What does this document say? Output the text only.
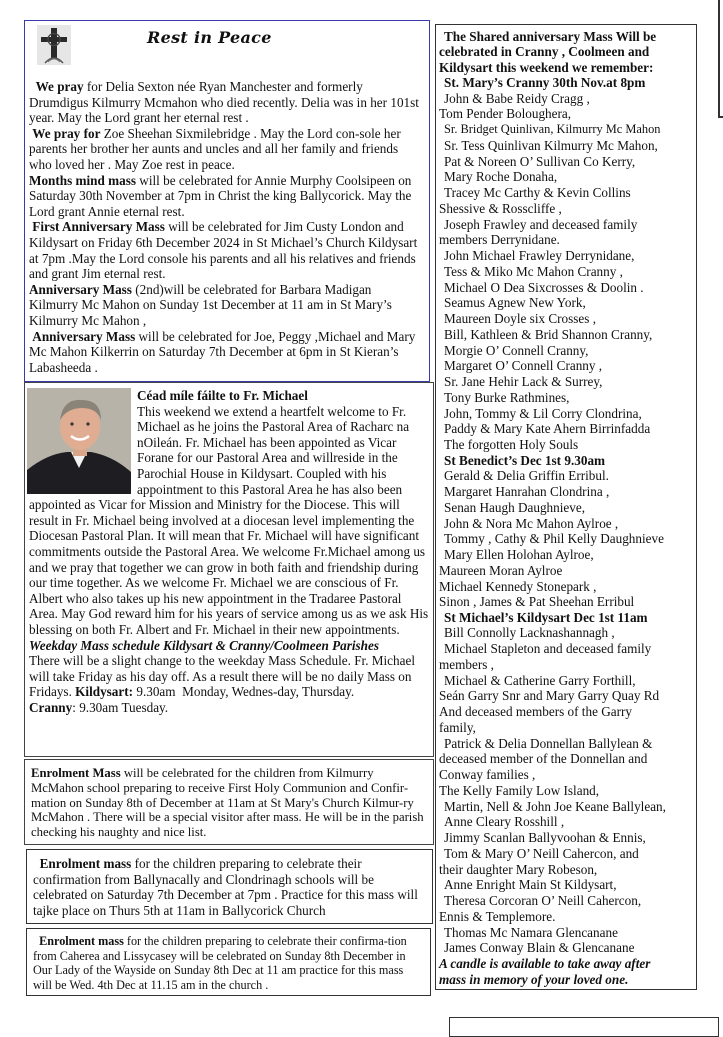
Rest in Peace

We pray for Delia Sexton née Ryan Manchester and formerly Drumdigus Kilmurry Mcmahon who died recently. Delia was in her 101st year. May the Lord grant her eternal rest .

We pray for Zoe Sheehan Sixmilebridge . May the Lord con-sole her parents her brother her aunts and uncles and all her family and friends who loved her . May Zoe rest in peace.

Months mind mass will be celebrated for Annie Murphy Coolsipeen on Saturday 30th November at 7pm in Christ the king Ballycorick. May the Lord grant Annie eternal rest.

First Anniversary Mass will be celebrated for Jim Custy London and Kildysart on Friday 6th December 2024 in St Michael’s Church Kildysart at 7pm .May the Lord console his parents and all his relatives and friends and grant Jim eternal rest.

Anniversary Mass (2nd)will be celebrated for Barbara Madigan Kilmurry Mc Mahon on Sunday 1st December at 11 am in St Mary’s Kilmurry Mc Mahon ,

Anniversary Mass will be celebrated for Joe, Peggy ,Michael and Mary Mc Mahon Kilkerrin on Saturday 7th December at 6pm in St Kieran’s Labasheeda .

Céad míle fáilte to Fr. Michael
This weekend we extend a heartfelt welcome to Fr. Michael as he joins the Pastoral Area of Racharc na nOileán. Fr. Michael has been appointed as Vicar Forane for our Pastoral Area and willreside in the Parochial House in Kildysart. Coupled with his appointment to this Pastoral Area he has also been appointed as Vicar for Mission and Ministry for the Diocese. This will result in Fr. Michael being involved at a diocesan level implementing the Diocesan Pastoral Plan. It will mean that Fr. Michael will have significant commitments outside the Pastoral Area. We welcome Fr.Michael among us and we pray that together we can grow in both faith and friendship during our time together. As we welcome Fr. Michael we are conscious of Fr. Albert who also takes up his new appointment in the Tradaree Pastoral Area. May God reward him for his years of service among us as we ask His blessing on both Fr. Albert and Fr. Michael in their new appointments.
Weekday Mass schedule Kildysart & Cranny/Coolmeen Parishes
There will be a slight change to the weekday Mass Schedule. Fr. Michael will take Friday as his day off. As a result there will be no daily Mass on Fridays. Kildysart: 9.30am  Monday, Wednes-day, Thursday.                 Cranny: 9.30am Tuesday.
Enrolment Mass will be celebrated for the children from Kilmurry McMahon school preparing to receive First Holy Communion and Confir-mation on Sunday 8th of December at 11am at St Mary's Church Kilmur-ry McMahon . There will be a special visitor after mass. He will be in the parish checking his naughty and nice list.
Enrolment mass for the children preparing to celebrate their confirmation from Ballynacally and Clondrinagh schools will be celebrated on Saturday 7th December at 7pm . Practice for this mass will tajke place on Thurs 5th at 11am in Ballycorick Church
Enrolment mass for the children preparing to celebrate their confirma-tion from Caherea and Lissycasey will be celebrated on Sunday 8th December in Our Lady of the Wayside on Sunday 8th Dec at 11 am practice for this mass will be Wed. 4th Dec at 11.15 am in the church .
The Shared anniversary Mass Will be
celebrated in Cranny , Coolmeen and
Kildysart this weekend we remember:
St. Mary’s Cranny 30th Nov.at 8pm
John & Babe Reidy Cragg ,
Tom Pender Boloughera,
Sr. Bridget Quinlivan, Kilmurry Mc Mahon
Sr. Tess Quinlivan Kilmurry Mc Mahon,
Pat & Noreen O’ Sullivan Co Kerry,
Mary Roche Donaha,
Tracey Mc Carthy & Kevin Collins
Shessive & Rosscliffe ,
Joseph Frawley and deceased family
members Derrynidane.
John Michael Frawley Derrynidane,
Tess & Miko Mc Mahon Cranny ,
Michael O Dea Sixcrosses & Doolin .
Seamus Agnew New York,
Maureen Doyle six Crosses ,
Bill, Kathleen & Brid Shannon Cranny,
Morgie O’ Connell Cranny,
Margaret O’ Connell Cranny ,
Sr. Jane Hehir Lack & Surrey,
Tony Burke Rathmines,
John, Tommy & Lil Corry Clondrina,
Paddy & Mary Kate Ahern Birrinfadda
The forgotten Holy Souls
St Benedict’s Dec 1st 9.30am
Gerald & Delia Griffin Erribul.
Margaret Hanrahan Clondrina ,
Senan Haugh Daughnieve,
John & Nora Mc Mahon Aylroe ,
Tommy , Cathy & Phil Kelly Daughnieve
Mary Ellen Holohan Aylroe,
Maureen Moran Aylroe
Michael Kennedy Stonepark ,
Sinon , James & Pat Sheehan Erribul
St Michael’s Kildysart Dec 1st 11am
Bill Connolly Lacknashannagh ,
Michael Stapleton and deceased family
members ,
Michael & Catherine Garry Forthill,
Seán Garry Snr and Mary Garry Quay Rd
And deceased members of the Garry
family,
Patrick & Delia Donnellan Ballylean &
deceased member of the Donnellan and
Conway families ,
The Kelly Family Low Island,
Martin, Nell & John Joe Keane Ballylean,
Anne Cleary Rosshill ,
Jimmy Scanlan Ballyvoohan & Ennis,
Tom & Mary O’ Neill Cahercon, and
their daughter Mary Robeson,
Anne Enright Main St Kildysart,
Theresa Corcoran O’ Neill Cahercon,
Ennis & Templemore.
Thomas Mc Namara Glencanane
James Conway Blain & Glencanane
A candle is available to take away after
mass in memory of your loved one.
